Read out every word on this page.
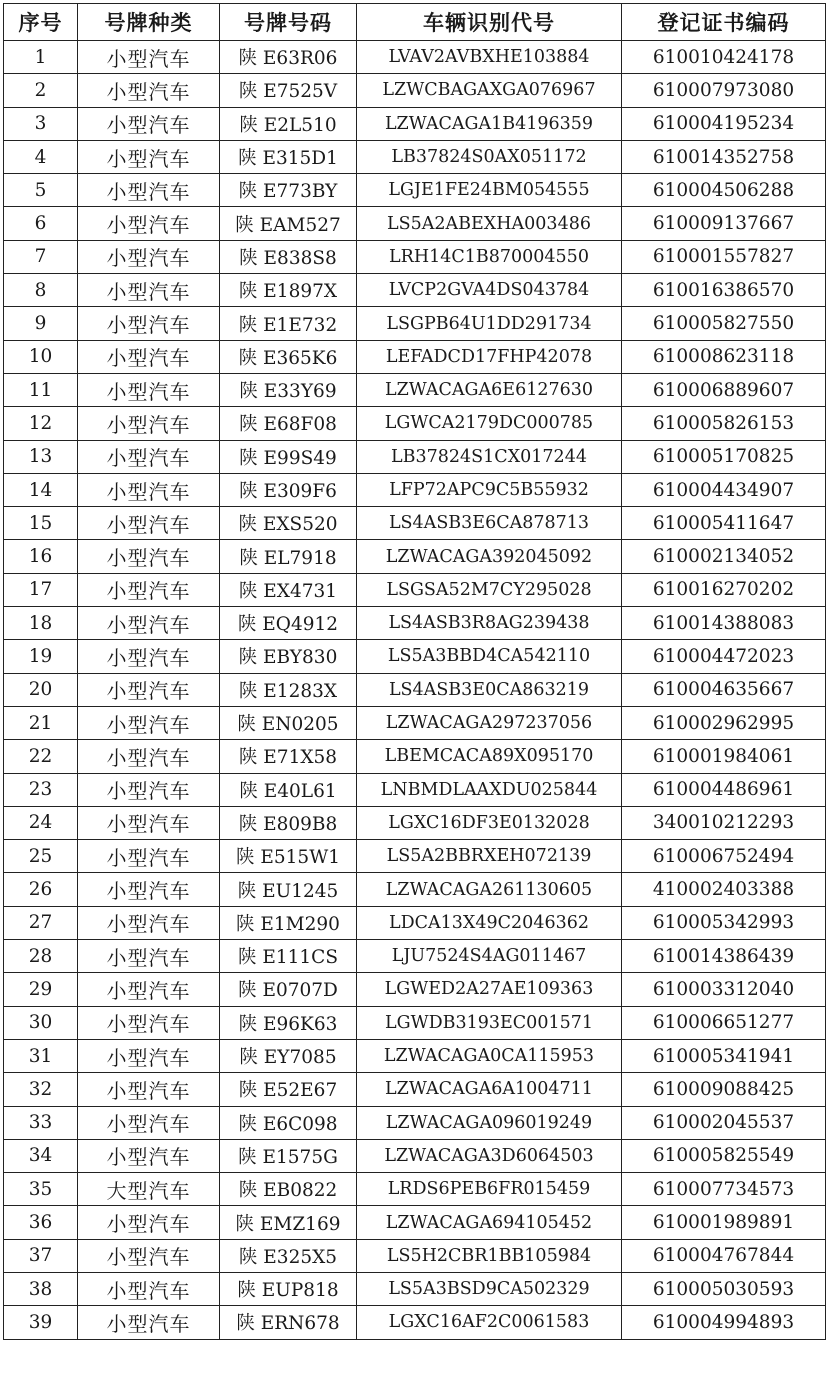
序号	号牌种类	号牌号码	车辆识别代号	登记证书编码
1	小型汽车	陕 E63R06	LVAV2AVBXHE103884	610010424178
2	小型汽车	陕 E7525V	LZWCBAGAXGA076967	610007973080
3	小型汽车	陕 E2L510	LZWACAGA1B4196359	610004195234
4	小型汽车	陕 E315D1	LB37824S0AX051172	610014352758
5	小型汽车	陕 E773BY	LGJE1FE24BM054555	610004506288
6	小型汽车	陕 EAM527	LS5A2ABEXHA003486	610009137667
7	小型汽车	陕 E838S8	LRH14C1B870004550	610001557827
8	小型汽车	陕 E1897X	LVCP2GVA4DS043784	610016386570
9	小型汽车	陕 E1E732	LSGPB64U1DD291734	610005827550
10	小型汽车	陕 E365K6	LEFADCD17FHP42078	610008623118
11	小型汽车	陕 E33Y69	LZWACAGA6E6127630	610006889607
12	小型汽车	陕 E68F08	LGWCA2179DC000785	610005826153
13	小型汽车	陕 E99S49	LB37824S1CX017244	610005170825
14	小型汽车	陕 E309F6	LFP72APC9C5B55932	610004434907
15	小型汽车	陕 EXS520	LS4ASB3E6CA878713	610005411647
16	小型汽车	陕 EL7918	LZWACAGA392045092	610002134052
17	小型汽车	陕 EX4731	LSGSA52M7CY295028	610016270202
18	小型汽车	陕 EQ4912	LS4ASB3R8AG239438	610014388083
19	小型汽车	陕 EBY830	LS5A3BBD4CA542110	610004472023
20	小型汽车	陕 E1283X	LS4ASB3E0CA863219	610004635667
21	小型汽车	陕 EN0205	LZWACAGA297237056	610002962995
22	小型汽车	陕 E71X58	LBEMCACA89X095170	610001984061
23	小型汽车	陕 E40L61	LNBMDLAAXDU025844	610004486961
24	小型汽车	陕 E809B8	LGXC16DF3E0132028	340010212293
25	小型汽车	陕 E515W1	LS5A2BBRXEH072139	610006752494
26	小型汽车	陕 EU1245	LZWACAGA261130605	410002403388
27	小型汽车	陕 E1M290	LDCA13X49C2046362	610005342993
28	小型汽车	陕 E111CS	LJU7524S4AG011467	610014386439
29	小型汽车	陕 E0707D	LGWED2A27AE109363	610003312040
30	小型汽车	陕 E96K63	LGWDB3193EC001571	610006651277
31	小型汽车	陕 EY7085	LZWACAGA0CA115953	610005341941
32	小型汽车	陕 E52E67	LZWACAGA6A1004711	610009088425
33	小型汽车	陕 E6C098	LZWACAGA096019249	610002045537
34	小型汽车	陕 E1575G	LZWACAGA3D6064503	610005825549
35	大型汽车	陕 EB0822	LRDS6PEB6FR015459	610007734573
36	小型汽车	陕 EMZ169	LZWACAGA694105452	610001989891
37	小型汽车	陕 E325X5	LS5H2CBR1BB105984	610004767844
38	小型汽车	陕 EUP818	LS5A3BSD9CA502329	610005030593
39	小型汽车	陕 ERN678	LGXC16AF2C0061583	610004994893
